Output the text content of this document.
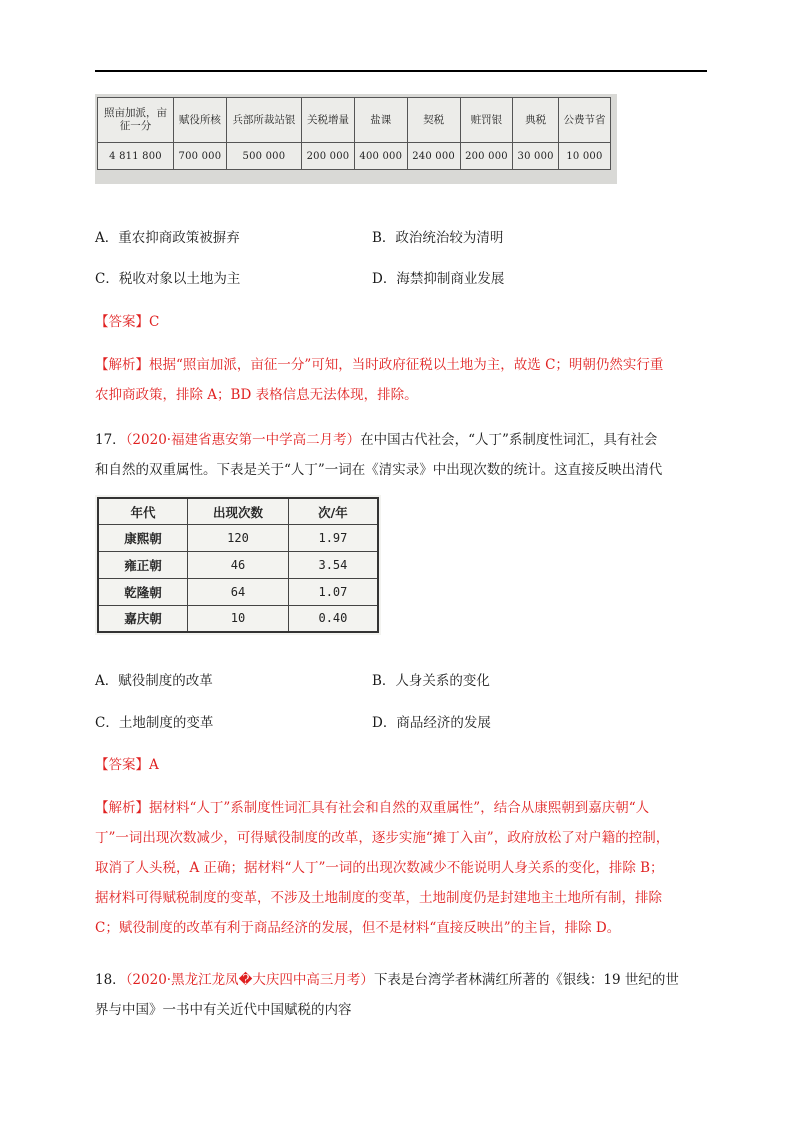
照亩加派，亩征一分	赋役所核	兵部所裁站银	关税增量	盐课	契税	赃罚银	典税	公费节省
4 811 800	700 000	500 000	200 000	400 000	240 000	200 000	30 000	10 000
A．重农抑商政策被摒弃	B．政治统治较为清明
C．税收对象以土地为主	D．海禁抑制商业发展
【答案】C
【解析】根据“照亩加派，亩征一分”可知，当时政府征税以土地为主，故选 C；明朝仍然实行重
农抑商政策，排除 A；BD 表格信息无法体现，排除。
17．（2020·福建省惠安第一中学高二月考）在中国古代社会，“人丁”系制度性词汇，具有社会
和自然的双重属性。下表是关于“人丁”一词在《清实录》中出现次数的统计。这直接反映出清代
年代	出现次数	次/年
康熙朝	120	1.97
雍正朝	46	3.54
乾隆朝	64	1.07
嘉庆朝	10	0.40
A．赋役制度的改革	B．人身关系的变化
C．土地制度的变革	D．商品经济的发展
【答案】A
【解析】据材料“人丁”系制度性词汇具有社会和自然的双重属性”，结合从康熙朝到嘉庆朝“人
丁”一词出现次数减少，可得赋役制度的改革，逐步实施“摊丁入亩”，政府放松了对户籍的控制，
取消了人头税，A 正确；据材料“人丁”一词的出现次数减少不能说明人身关系的变化，排除 B；
据材料可得赋税制度的变革，不涉及土地制度的变革，土地制度仍是封建地主土地所有制，排除
C；赋役制度的改革有利于商品经济的发展，但不是材料“直接反映出”的主旨，排除 D。
18．（2020·黑龙江龙凤�大庆四中高三月考）下表是台湾学者林满红所著的《银线：19 世纪的世
界与中国》一书中有关近代中国赋税的内容
